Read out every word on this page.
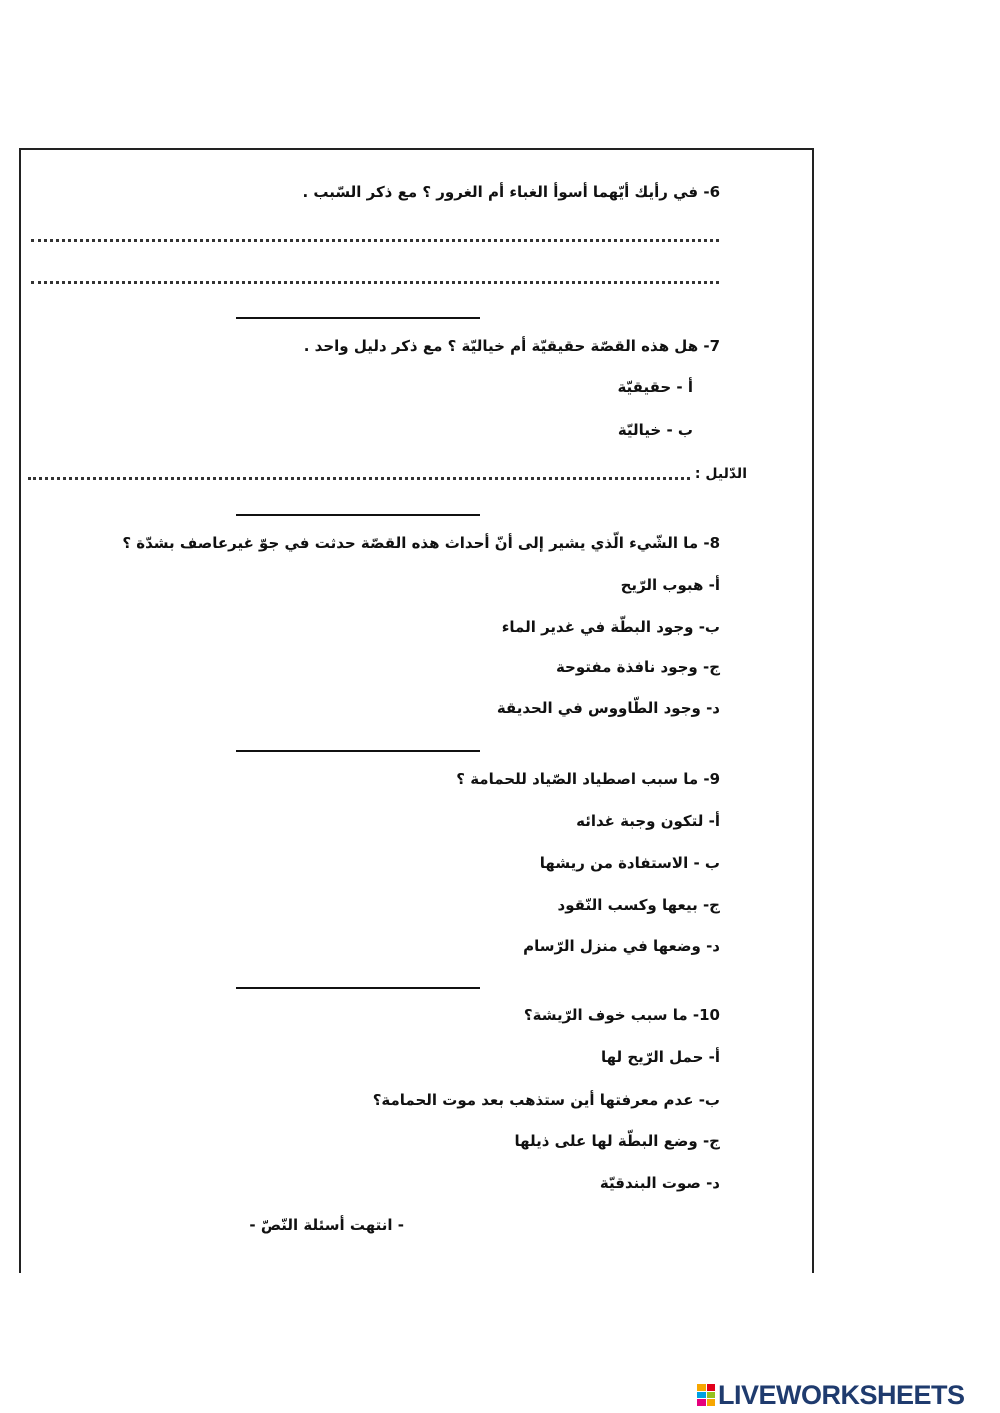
6- في رأيك أيّهما أسوأ الغباء أم الغرور ؟ مع ذكر السّبب .
7- هل هذه القصّة حقيقيّة أم خياليّة ؟ مع ذكر دليل واحد .
أ - حقيقيّة
ب - خياليّة
الدّليل :
8- ما الشّيء الّذي يشير إلى أنّ أحداث هذه القصّة حدثت في جوّ غيرعاصف بشدّة ؟
أ- هبوب الرّيح
ب- وجود البطّة في غدير الماء
ج- وجود نافذة مفتوحة
د- وجود الطّاووس في الحديقة
9- ما سبب اصطياد الصّياد للحمامة ؟
أ- لتكون وجبة غدائه
ب - الاستفادة من ريشها
ج- بيعها وكسب النّقود
د- وضعها في منزل الرّسام
10- ما سبب خوف الرّيشة؟
أ- حمل الرّيح لها
ب- عدم معرفتها أين ستذهب بعد موت الحمامة؟
ج- وضع البطّة لها على ذيلها
د- صوت البندقيّة
- انتهت أسئلة النّصّ -
LIVEWORKSHEETS
